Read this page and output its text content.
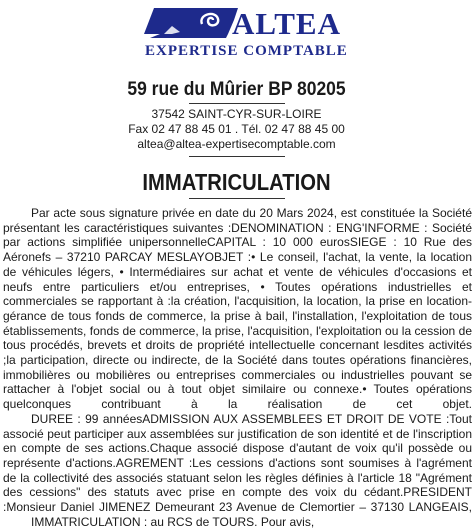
ALTEA
EXPERTISE COMPTABLE
59 rue du Mûrier BP 80205
37542 SAINT-CYR-SUR-LOIRE
Fax 02 47 88 45 01 . Tél. 02 47 88 45 00
altea@altea-expertisecomptable.com
IMMATRICULATION

Par acte sous signature privée en date du 20 Mars 2024, est constituée la Société présentant les caractéristiques suivantes :DENOMINATION : ENG'INFORME : Société par actions simplifiée unipersonnelleCAPITAL : 10 000 eurosSIEGE : 10 Rue des Aéronefs – 37210 PARCAY MESLAYOBJET :• Le conseil, l'achat, la vente, la location de véhicules légers, • Intermédiaires sur achat et vente de véhicules d'occasions et neufs entre particuliers et/ou entreprises, • Toutes opérations industrielles et commerciales se rapportant à :la création, l'acquisition, la location, la prise en location-gérance de tous fonds de commerce, la prise à bail, l'installation, l'exploitation de tous établissements, fonds de commerce, la prise, l'acquisition, l'exploitation ou la cession de tous procédés, brevets et droits de propriété intellectuelle concernant lesdites activités ;la participation, directe ou indirecte, de la Société dans toutes opérations financières, immobilières ou mobilières ou entreprises commerciales ou industrielles pouvant se rattacher à l'objet social ou à tout objet similaire ou connexe.• Toutes opérations quelconques contribuant à la réalisation de cet objet.

DUREE : 99 annéesADMISSION AUX ASSEMBLEES ET DROIT DE VOTE :Tout associé peut participer aux assemblées sur justification de son identité et de l'inscription en compte de ses actions.Chaque associé dispose d'autant de voix qu'il possède ou représente d'actions.AGREMENT :Les cessions d'actions sont soumises à l'agrément de la collectivité des associés statuant selon les règles définies à l'article 18 "Agrément des cessions" des statuts avec prise en compte des voix du cédant.PRESIDENT :Monsieur Daniel JIMENEZ Demeurant 23 Avenue de Clemortier – 37130 LANGEAIS,

IMMATRICULATION : au RCS de TOURS. Pour avis,
